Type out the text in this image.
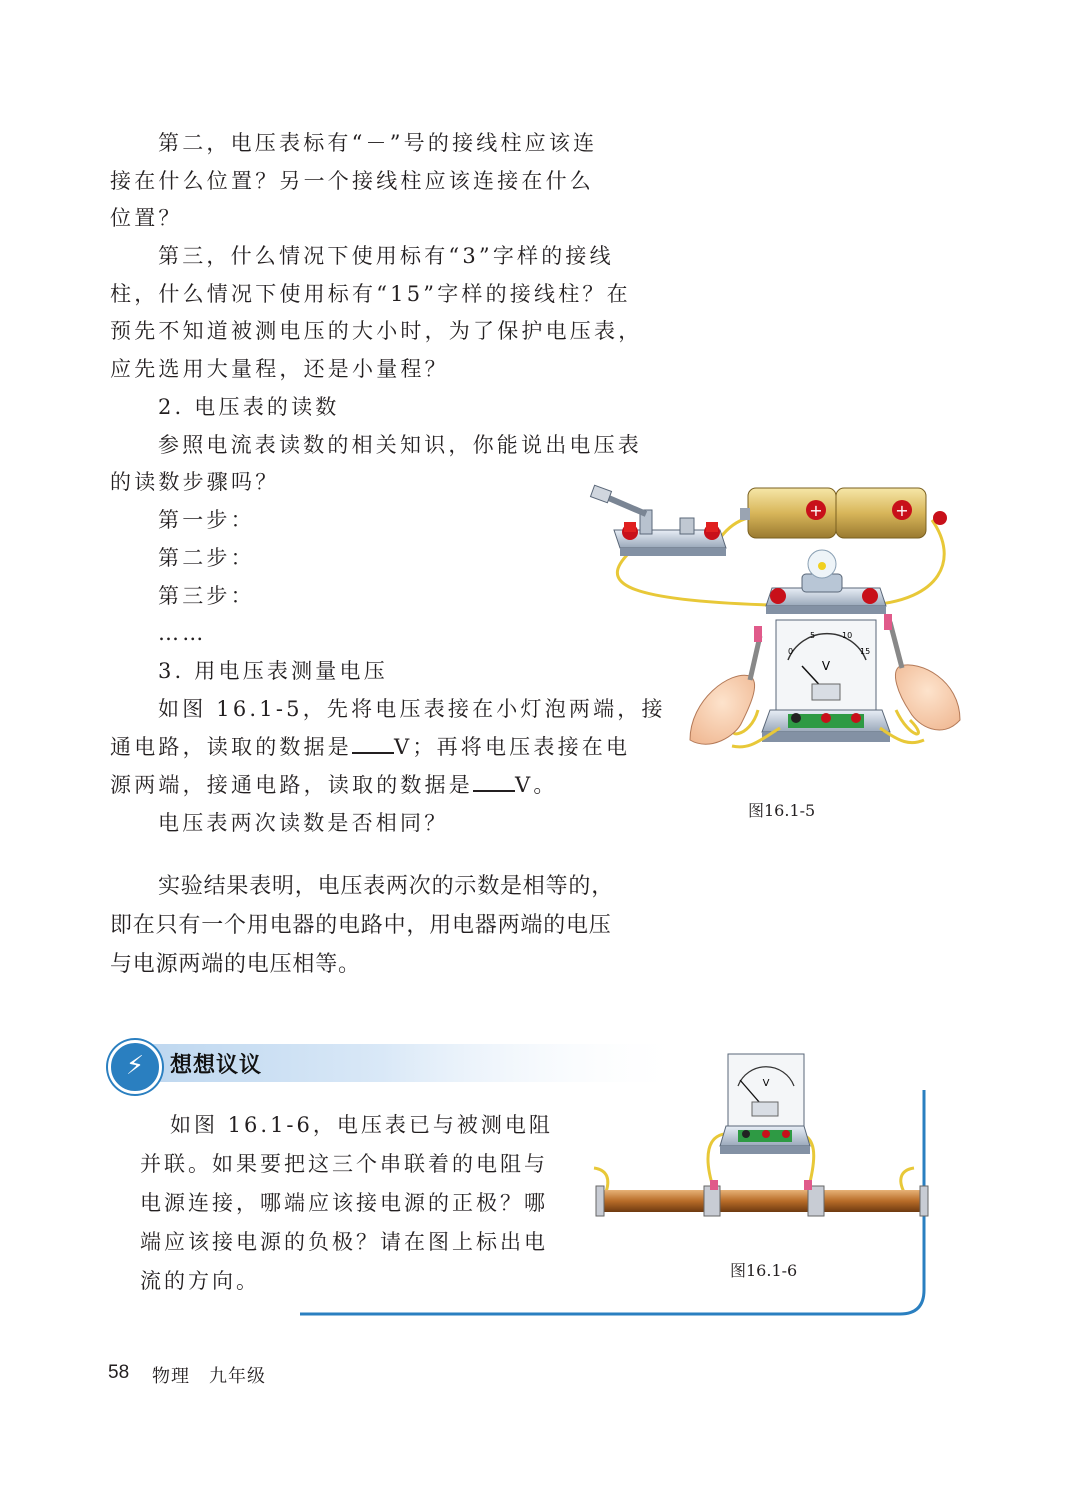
第二，电压表标有“－”号的接线柱应该连

接在什么位置？另一个接线柱应该连接在什么

位置？

第三，什么情况下使用标有“3”字样的接线

柱，什么情况下使用标有“15”字样的接线柱？在

预先不知道被测电压的大小时，为了保护电压表，

应先选用大量程，还是小量程？

2. 电压表的读数

参照电流表读数的相关知识，你能说出电压表

的读数步骤吗？

第一步：

第二步：

第三步：

……

3. 用电压表测量电压

如图 16.1-5，先将电压表接在小灯泡两端，接

通电路，读取的数据是 V；再将电压表接在电

源两端，接通电路，读取的数据是 V。

电压表两次读数是否相同？

实验结果表明，电压表两次的示数是相等的，

即在只有一个用电器的电路中，用电器两端的电压

与电源两端的电压相等。

+	+
0
5	10
15
V
图16.1-5
⚡	想想议议

如图 16.1-6，电压表已与被测电阻

并联。如果要把这三个串联着的电阻与

电源连接，哪端应该接电源的正极？哪

端应该接电源的负极？请在图上标出电

流的方向。

V
图16.1-6
58 物理　九年级
